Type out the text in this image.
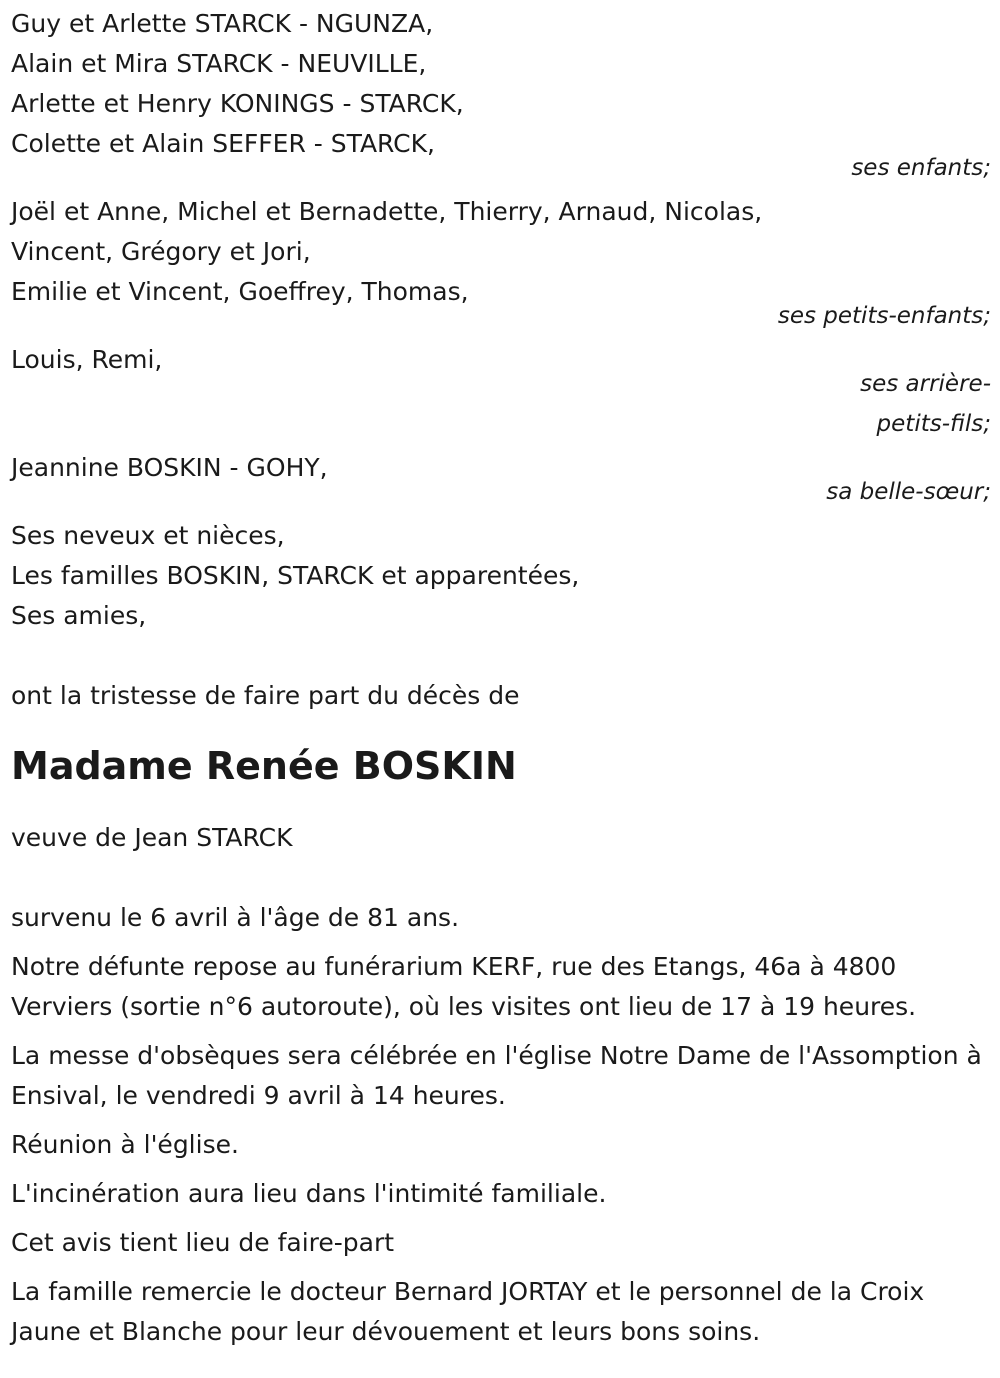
Guy et Arlette STARCK - NGUNZA,
Alain et Mira STARCK - NEUVILLE,
Arlette et Henry KONINGS - STARCK,
Colette et Alain SEFFER - STARCK,
ses enfants;
Joël et Anne, Michel et Bernadette, Thierry, Arnaud, Nicolas,
Vincent, Grégory et Jori,
Emilie et Vincent, Goeffrey, Thomas,
ses petits-enfants;
Louis, Remi,
ses arrière-
petits-fils;
Jeannine BOSKIN - GOHY,
sa belle-sœur;
Ses neveux et nièces,
Les familles BOSKIN, STARCK et apparentées,
Ses amies,
ont la tristesse de faire part du décès de
Madame Renée BOSKIN
veuve de Jean STARCK
survenu le 6 avril à l'âge de 81 ans.
Notre défunte repose au funérarium KERF, rue des Etangs, 46a à 4800 Verviers (sortie n°6 autoroute), où les visites ont lieu de 17 à 19 heures.
La messe d'obsèques sera célébrée en l'église Notre Dame de l'Assomption à Ensival, le vendredi 9 avril à 14 heures.
Réunion à l'église.
L'incinération aura lieu dans l'intimité familiale.
Cet avis tient lieu de faire-part
La famille remercie le docteur Bernard JORTAY et le personnel de la Croix Jaune et Blanche pour leur dévouement et leurs bons soins.
